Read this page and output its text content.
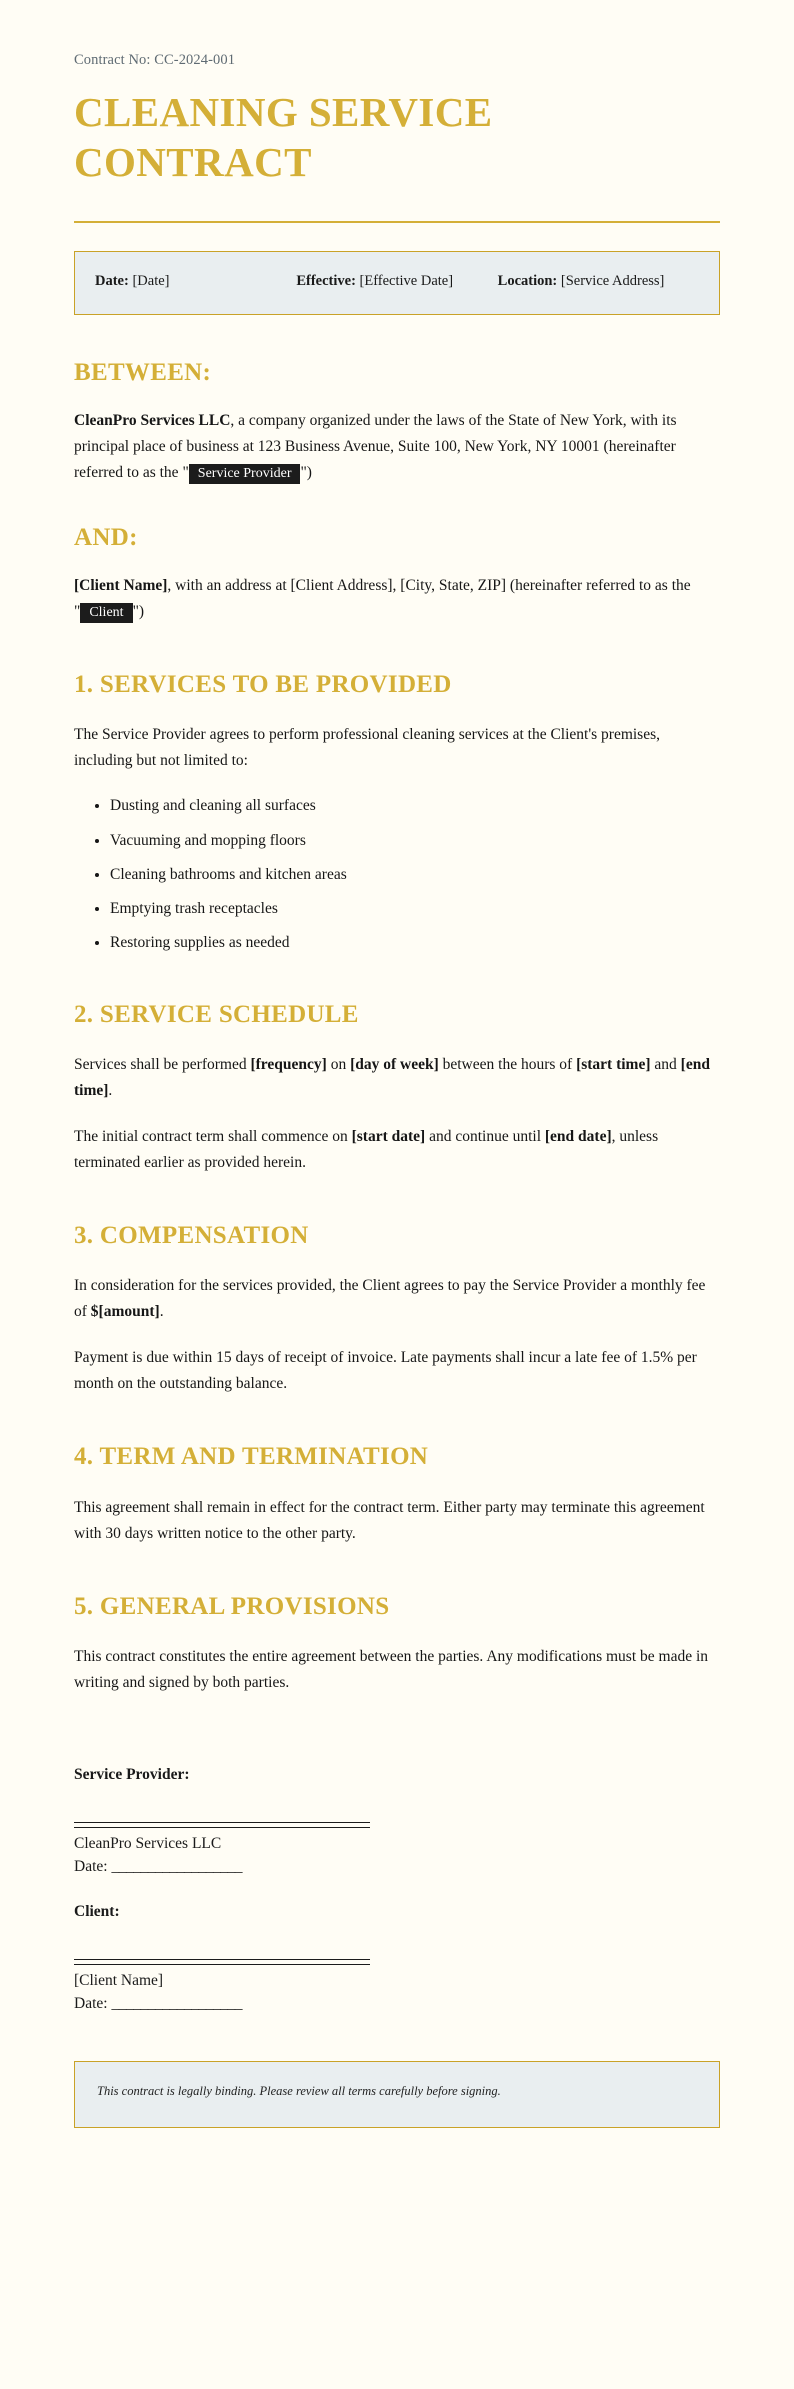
Contract No: CC-2024-001

CLEANING SERVICE CONTRACT
Date: [Date]	Effective: [Effective Date]	Location: [Service Address]
BETWEEN:

CleanPro Services LLC, a company organized under the laws of the State of New York, with its principal place of business at 123 Business Avenue, Suite 100, New York, NY 10001 (hereinafter referred to as the " Service Provider ")

AND:

[Client Name], with an address at [Client Address], [City, State, ZIP] (hereinafter referred to as the " Client ")

1. SERVICES TO BE PROVIDED

The Service Provider agrees to perform professional cleaning services at the Client's premises, including but not limited to:

• Dusting and cleaning all surfaces
• Vacuuming and mopping floors
• Cleaning bathrooms and kitchen areas
• Emptying trash receptacles
• Restoring supplies as needed
2. SERVICE SCHEDULE

Services shall be performed [frequency] on [day of week] between the hours of [start time] and [end time].

The initial contract term shall commence on [start date] and continue until [end date], unless terminated earlier as provided herein.

3. COMPENSATION

In consideration for the services provided, the Client agrees to pay the Service Provider a monthly fee of $[amount].

Payment is due within 15 days of receipt of invoice. Late payments shall incur a late fee of 1.5% per month on the outstanding balance.

4. TERM AND TERMINATION

This agreement shall remain in effect for the contract term. Either party may terminate this agreement with 30 days written notice to the other party.

5. GENERAL PROVISIONS

This contract constitutes the entire agreement between the parties. Any modifications must be made in writing and signed by both parties.

Service Provider:

CleanPro Services LLC

Date: __________________

Client:

[Client Name]

Date: __________________

This contract is legally binding. Please review all terms carefully before signing.
